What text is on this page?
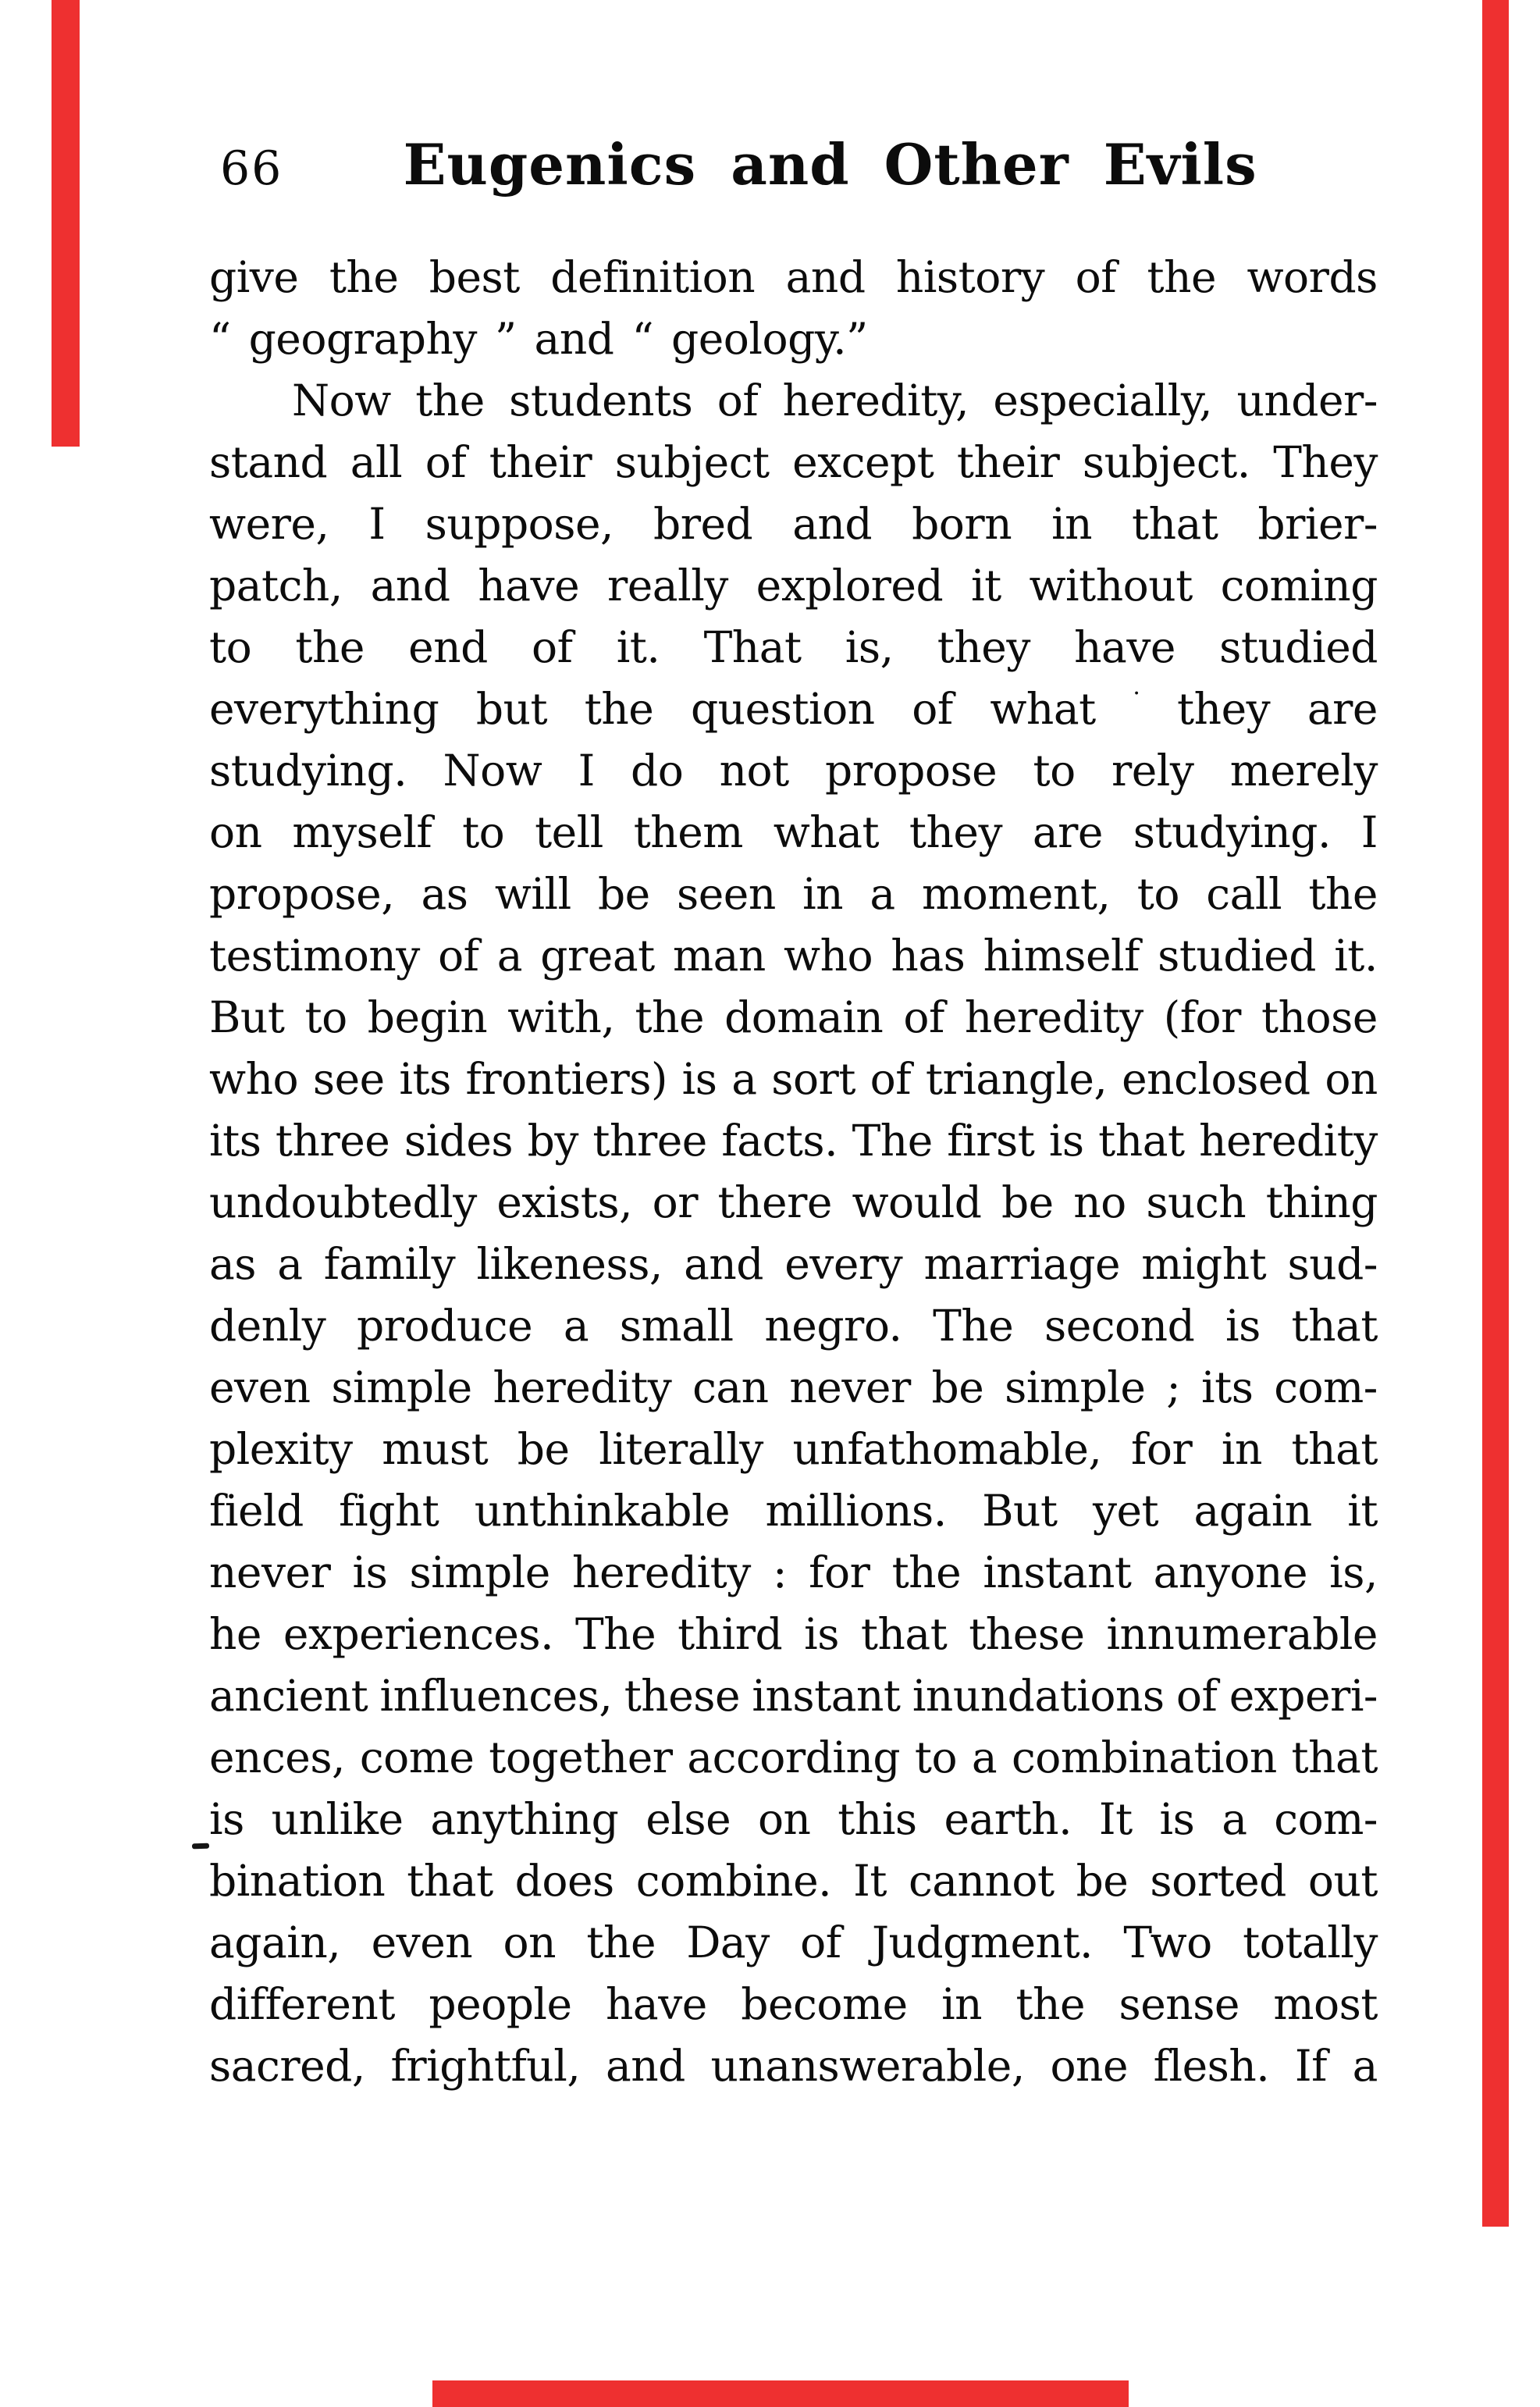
66	Eugenics and Other Evils
give the best definition and history of the words
“ geography ” and “ geology.”
Now the students of heredity, especially, under-
stand all of their subject except their subject. They
were, I suppose, bred and born in that brier-
patch, and have really explored it without coming
to the end of it. That is, they have studied
everything but the question of what · they are
studying. Now I do not propose to rely merely
on myself to tell them what they are studying. I
propose, as will be seen in a moment, to call the
testimony of a great man who has himself studied it.
But to begin with, the domain of heredity (for those
who see its frontiers) is a sort of triangle, enclosed on
its three sides by three facts. The first is that heredity
undoubtedly exists, or there would be no such thing
as a family likeness, and every marriage might sud-
denly produce a small negro. The second is that
even simple heredity can never be simple ; its com-
plexity must be literally unfathomable, for in that
field fight unthinkable millions. But yet again it
never is simple heredity : for the instant anyone is,
he experiences. The third is that these innumerable
ancient influences, these instant inundations of experi-
ences, come together according to a combination that
is unlike anything else on this earth. It is a com-
bination that does combine. It cannot be sorted out
again, even on the Day of Judgment. Two totally
different people have become in the sense most
sacred, frightful, and unanswerable, one flesh. If a
